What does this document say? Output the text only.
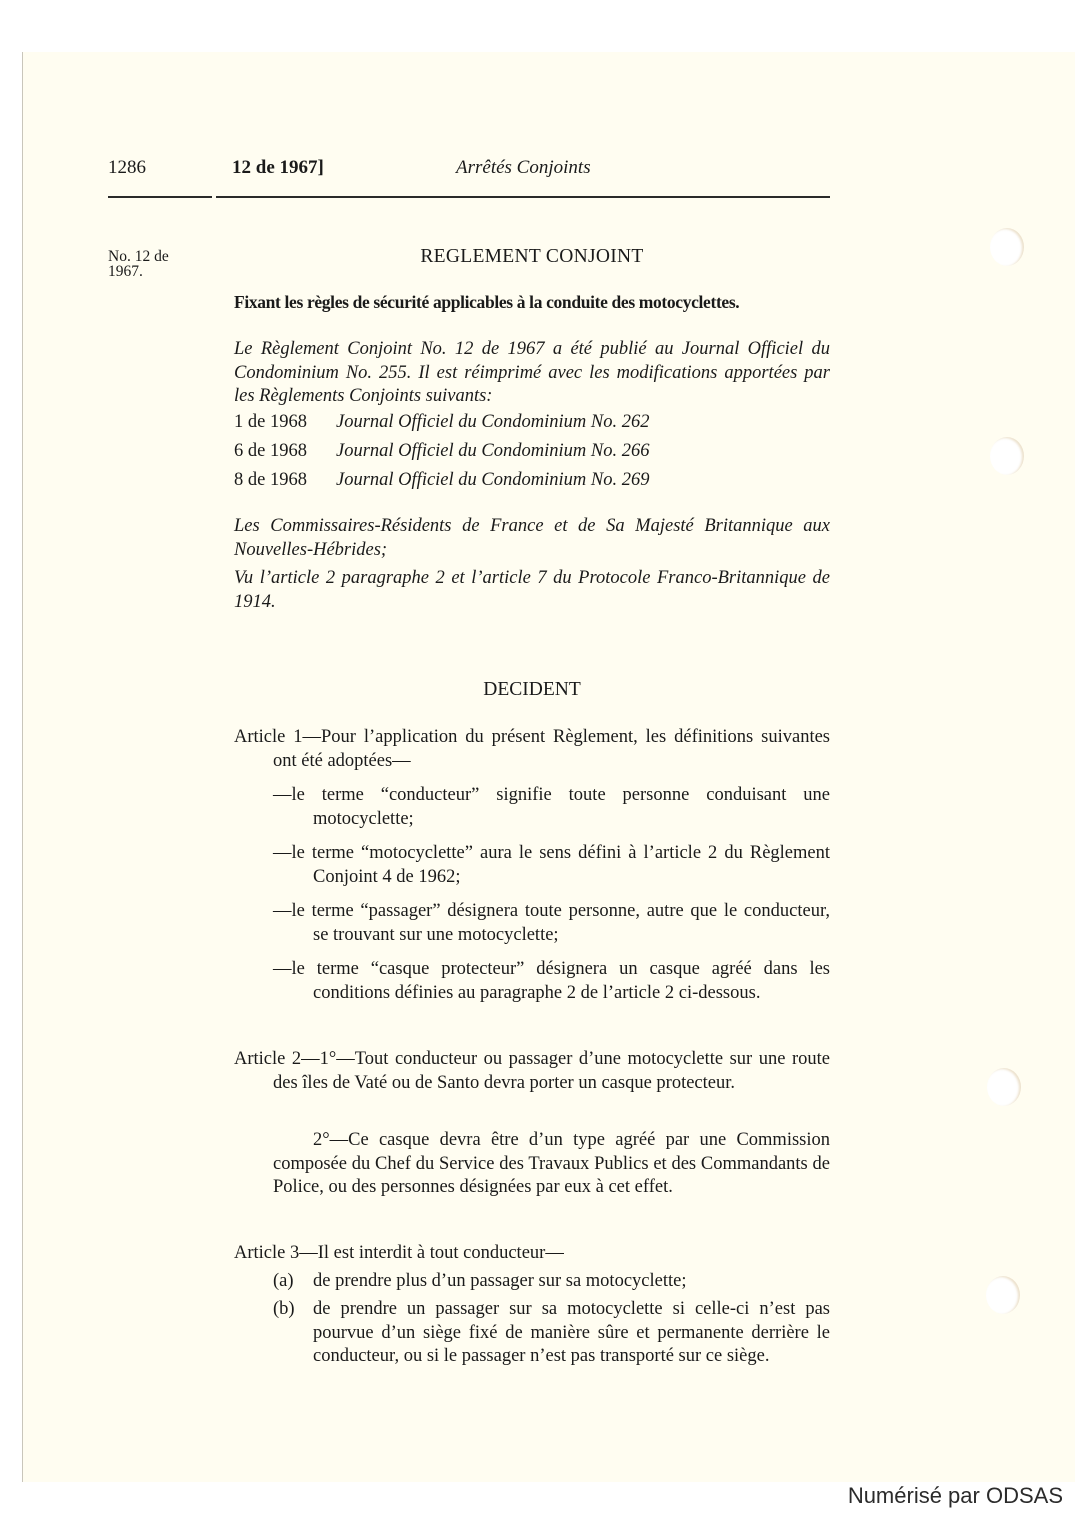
1286	12 de 1967]	Arrêtés Conjoints
No. 12 de
1967.
REGLEMENT CONJOINT
Fixant les règles de sécurité applicables à la conduite des motocyclettes.
Le Règlement Conjoint No. 12 de 1967 a été publié au Journal Officiel du Condominium No. 255. Il est réimprimé avec les modifications apportées par les Règlements Conjoints suivants:
1 de 1968 Journal Officiel du Condominium No. 262
6 de 1968 Journal Officiel du Condominium No. 266
8 de 1968 Journal Officiel du Condominium No. 269
Les Commissaires-Résidents de France et de Sa Majesté Britannique aux Nouvelles-Hébrides;
Vu l’article 2 paragraphe 2 et l’article 7 du Protocole Franco-Britannique de 1914.
DECIDENT

Article 1—Pour l’application du présent Règlement, les définitions suivantes ont été adoptées—

—le terme “conducteur” signifie toute personne conduisant une motocyclette;

—le terme “motocyclette” aura le sens défini à l’article 2 du Règlement Conjoint 4 de 1962;

—le terme “passager” désignera toute personne, autre que le conducteur, se trouvant sur une motocyclette;

—le terme “casque protecteur” désignera un casque agréé dans les conditions définies au paragraphe 2 de l’article 2 ci-dessous.

Article 2—1°—Tout conducteur ou passager d’une motocyclette sur une route des îles de Vaté ou de Santo devra porter un casque protecteur.

2°—Ce casque devra être d’un type agréé par une Commission composée du Chef du Service des Travaux Publics et des Commandants de Police, ou des personnes désignées par eux à cet effet.

Article 3—Il est interdit à tout conducteur—

(a) de prendre plus d’un passager sur sa motocyclette;
(b) de prendre un passager sur sa motocyclette si celle-ci n’est pas pourvue d’un siège fixé de manière sûre et permanente derrière le conducteur, ou si le passager n’est pas transporté sur ce siège.
Numérisé par ODSAS
